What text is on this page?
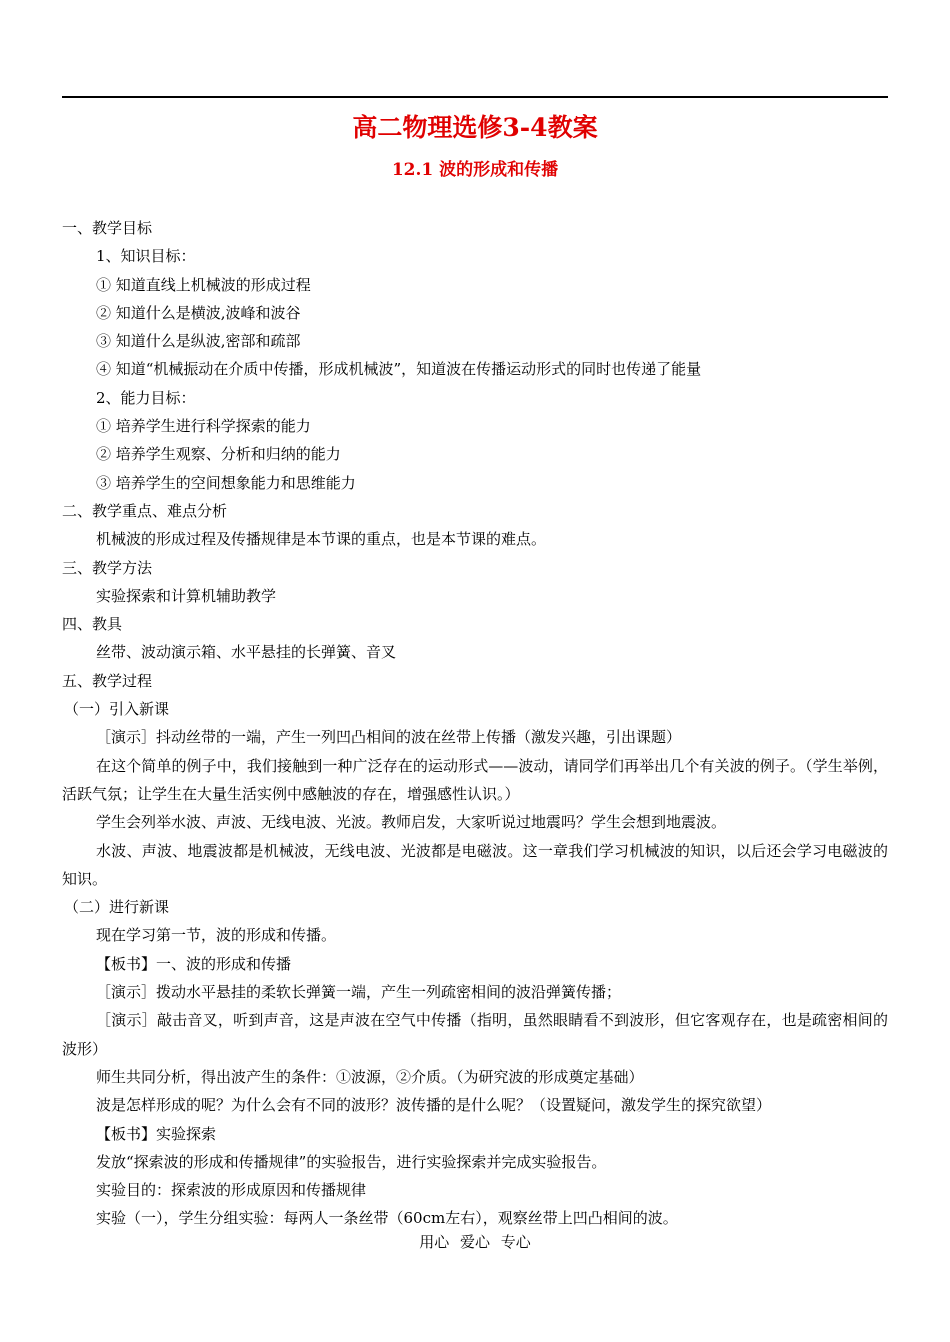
高二物理选修3-4教案
12.1 波的形成和传播

一、教学目标

1、知识目标：

① 知道直线上机械波的形成过程

② 知道什么是横波,波峰和波谷

③ 知道什么是纵波,密部和疏部

④ 知道“机械振动在介质中传播，形成机械波”，知道波在传播运动形式的同时也传递了能量

2、能力目标：

① 培养学生进行科学探索的能力

② 培养学生观察、分析和归纳的能力

③ 培养学生的空间想象能力和思维能力

二、教学重点、难点分析

机械波的形成过程及传播规律是本节课的重点，也是本节课的难点。

三、教学方法

实验探索和计算机辅助教学

四、教具

丝带、波动演示箱、水平悬挂的长弹簧、音叉

五、教学过程

（一）引入新课

［演示］抖动丝带的一端，产生一列凹凸相间的波在丝带上传播（激发兴趣，引出课题）

在这个简单的例子中，我们接触到一种广泛存在的运动形式——波动，请同学们再举出几个有关波的例子。（学生举例，活跃气氛；让学生在大量生活实例中感触波的存在，增强感性认识。）

学生会列举水波、声波、无线电波、光波。教师启发，大家听说过地震吗？学生会想到地震波。

水波、声波、地震波都是机械波，无线电波、光波都是电磁波。这一章我们学习机械波的知识，以后还会学习电磁波的知识。

（二）进行新课

现在学习第一节，波的形成和传播。

【板书】一、波的形成和传播

［演示］拨动水平悬挂的柔软长弹簧一端，产生一列疏密相间的波沿弹簧传播；

［演示］敲击音叉，听到声音，这是声波在空气中传播（指明，虽然眼睛看不到波形，但它客观存在，也是疏密相间的波形）

师生共同分析，得出波产生的条件：①波源，②介质。（为研究波的形成奠定基础）

波是怎样形成的呢？为什么会有不同的波形？波传播的是什么呢？（设置疑问，激发学生的探究欲望）

【板书】实验探索

发放“探索波的形成和传播规律”的实验报告，进行实验探索并完成实验报告。

实验目的：探索波的形成原因和传播规律

实验（一），学生分组实验：每两人一条丝带（60cm左右），观察丝带上凹凸相间的波。

用心 爱心 专心
